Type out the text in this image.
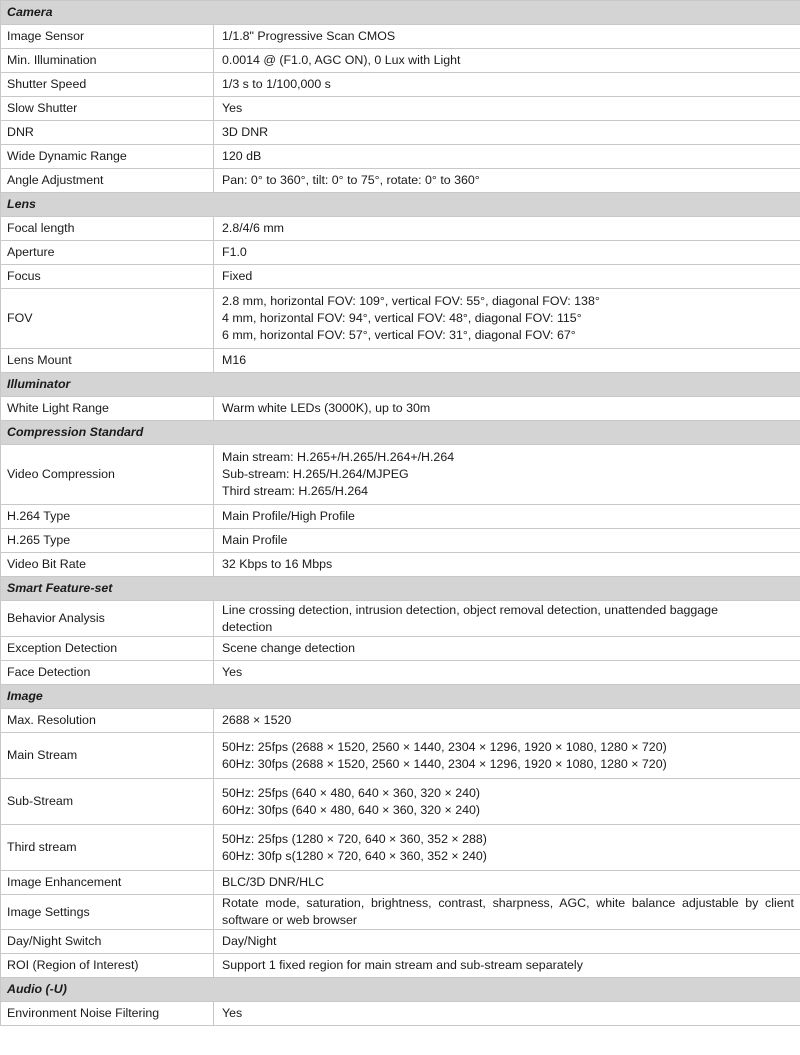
Camera	
Image Sensor	1/1.8" Progressive Scan CMOS

Min. Illumination	0.0014 @ (F1.0, AGC ON), 0 Lux with Light

Shutter Speed	1/3 s to 1/100,000 s

Slow Shutter	Yes

DNR	3D DNR

Wide Dynamic Range	120 dB

Angle Adjustment	Pan: 0° to 360°, tilt: 0° to 75°, rotate: 0° to 360°

Lens	
Focal length	2.8/4/6 mm

Aperture	F1.0

Focus	Fixed

FOV	2.8 mm, horizontal FOV: 109°, vertical FOV: 55°, diagonal FOV: 138°
4 mm, horizontal FOV: 94°, vertical FOV: 48°, diagonal FOV: 115°
6 mm, horizontal FOV: 57°, vertical FOV: 31°, diagonal FOV: 67°

Lens Mount	M16

Illuminator	
White Light Range	Warm white LEDs (3000K), up to 30m

Compression Standard	
Video Compression	Main stream: H.265+/H.265/H.264+/H.264
Sub-stream: H.265/H.264/MJPEG
Third stream: H.265/H.264

H.264 Type	Main Profile/High Profile

H.265 Type	Main Profile

Video Bit Rate	32 Kbps to 16 Mbps

Smart Feature-set	
Behavior Analysis	Line crossing detection, intrusion detection, object removal detection, unattended baggage
detection

Exception Detection	Scene change detection

Face Detection	Yes

Image	
Max. Resolution	2688 × 1520

Main Stream	50Hz: 25fps (2688 × 1520, 2560 × 1440, 2304 × 1296, 1920 × 1080, 1280 × 720)
60Hz: 30fps (2688 × 1520, 2560 × 1440, 2304 × 1296, 1920 × 1080, 1280 × 720)

Sub-Stream	50Hz: 25fps (640 × 480, 640 × 360, 320 × 240)
60Hz: 30fps (640 × 480, 640 × 360, 320 × 240)

Third stream	50Hz: 25fps (1280 × 720, 640 × 360, 352 × 288)
60Hz: 30fp s(1280 × 720, 640 × 360, 352 × 240)

Image Enhancement	BLC/3D DNR/HLC

Image Settings	Rotate mode, saturation, brightness, contrast, sharpness, AGC, white balance adjustable by client software or web browser
Day/Night Switch	Day/Night

ROI (Region of Interest)	Support 1 fixed region for main stream and sub-stream separately

Audio (-U)	
Environment Noise Filtering	Yes
